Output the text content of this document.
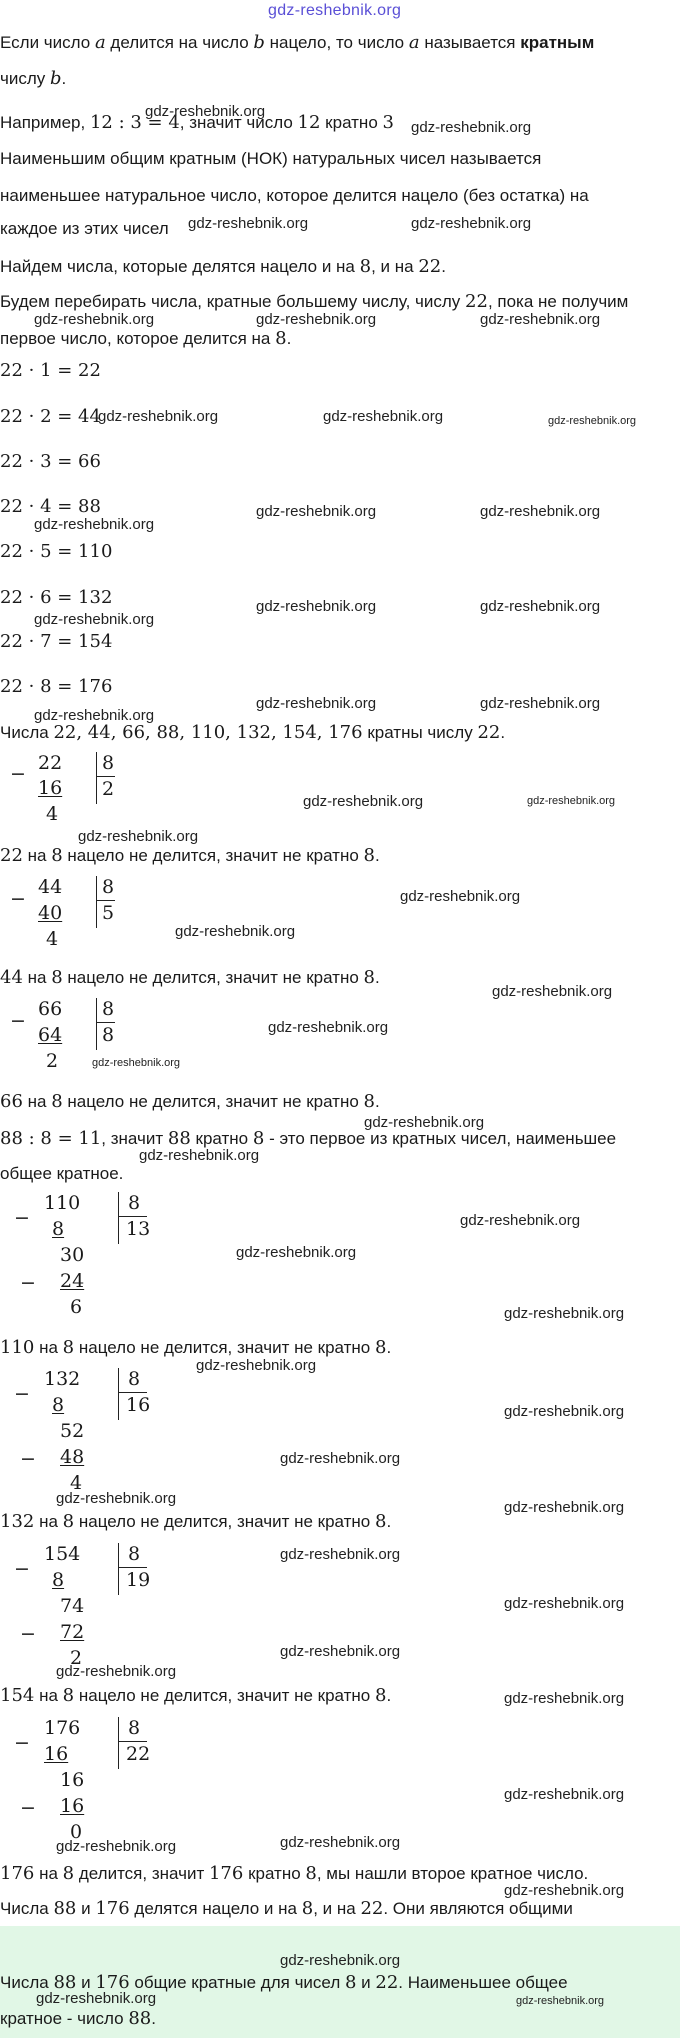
gdz-reshebnik.org
Если число a делится на число b нацело, то число a называется кратным
числу b.
Например, 12 : 3 = 4, значит число 12 кратно 3
gdz-reshebnik.org
gdz-reshebnik.org
Наименьшим общим кратным (НОК) натуральных чисел называется
наименьшее натуральное число, которое делится нацело (без остатка) на
каждое из этих чисел gdz-reshebnik.org	gdz-reshebnik.org
Найдем числа, которые делятся нацело и на 8, и на 22.
Будем перебирать числа, кратные большему числу, числу 22, пока не получим
gdz-reshebnik.org	gdz-reshebnik.org	gdz-reshebnik.org
первое число, которое делится на 8.
22 · 1 = 22
22 · 2 = 44
gdz-reshebnik.org	gdz-reshebnik.org	gdz-reshebnik.org
22 · 3 = 66
22 · 4 = 88	gdz-reshebnik.org	gdz-reshebnik.org
gdz-reshebnik.org
22 · 5 = 110
22 · 6 = 132	gdz-reshebnik.org	gdz-reshebnik.org
gdz-reshebnik.org
22 · 7 = 154
22 · 8 = 176
gdz-reshebnik.org	gdz-reshebnik.org
gdz-reshebnik.org
Числа 22, 44, 66, 88, 110, 132, 154, 176 кратны числу 22.
− 22
16
4
8
2
gdz-reshebnik.org	gdz-reshebnik.org
gdz-reshebnik.org
22 на 8 нацело не делится, значит не кратно 8.
−
44
40
4
8
5
gdz-reshebnik.org
gdz-reshebnik.org
44 на 8 нацело не делится, значит не кратно 8.
gdz-reshebnik.org
−
66
64
2
8
8	gdz-reshebnik.org
gdz-reshebnik.org
66 на 8 нацело не делится, значит не кратно 8.
gdz-reshebnik.org
88 : 8 = 11, значит 88 кратно 8 - это первое из кратных чисел, наименьшее
gdz-reshebnik.org
общее кратное.
−
110
8
30
− 24
6
8
13	gdz-reshebnik.org
gdz-reshebnik.org
gdz-reshebnik.org
110 на 8 нацело не делится, значит не кратно 8.
gdz-reshebnik.org
−
132
8
52
− 48
4
8
16	gdz-reshebnik.org
gdz-reshebnik.org
gdz-reshebnik.org
gdz-reshebnik.org
132 на 8 нацело не делится, значит не кратно 8.
−
154
8
74
− 72
2
8
19
gdz-reshebnik.org
gdz-reshebnik.org
gdz-reshebnik.org
gdz-reshebnik.org
154 на 8 нацело не делится, значит не кратно 8.	gdz-reshebnik.org
−
176
16
16
− 16
0
8
22
gdz-reshebnik.org
gdz-reshebnik.org
gdz-reshebnik.org
176 на 8 делится, значит 176 кратно 8, мы нашли второе кратное число.
gdz-reshebnik.org
Числа 88 и 176 делятся нацело и на 8, и на 22. Они являются общими
gdz-reshebnik.org
Числа 88 и 176 общие кратные для чисел 8 и 22. Наименьшее общее
gdz-reshebnik.org	gdz-reshebnik.org
кратное - число 88.
